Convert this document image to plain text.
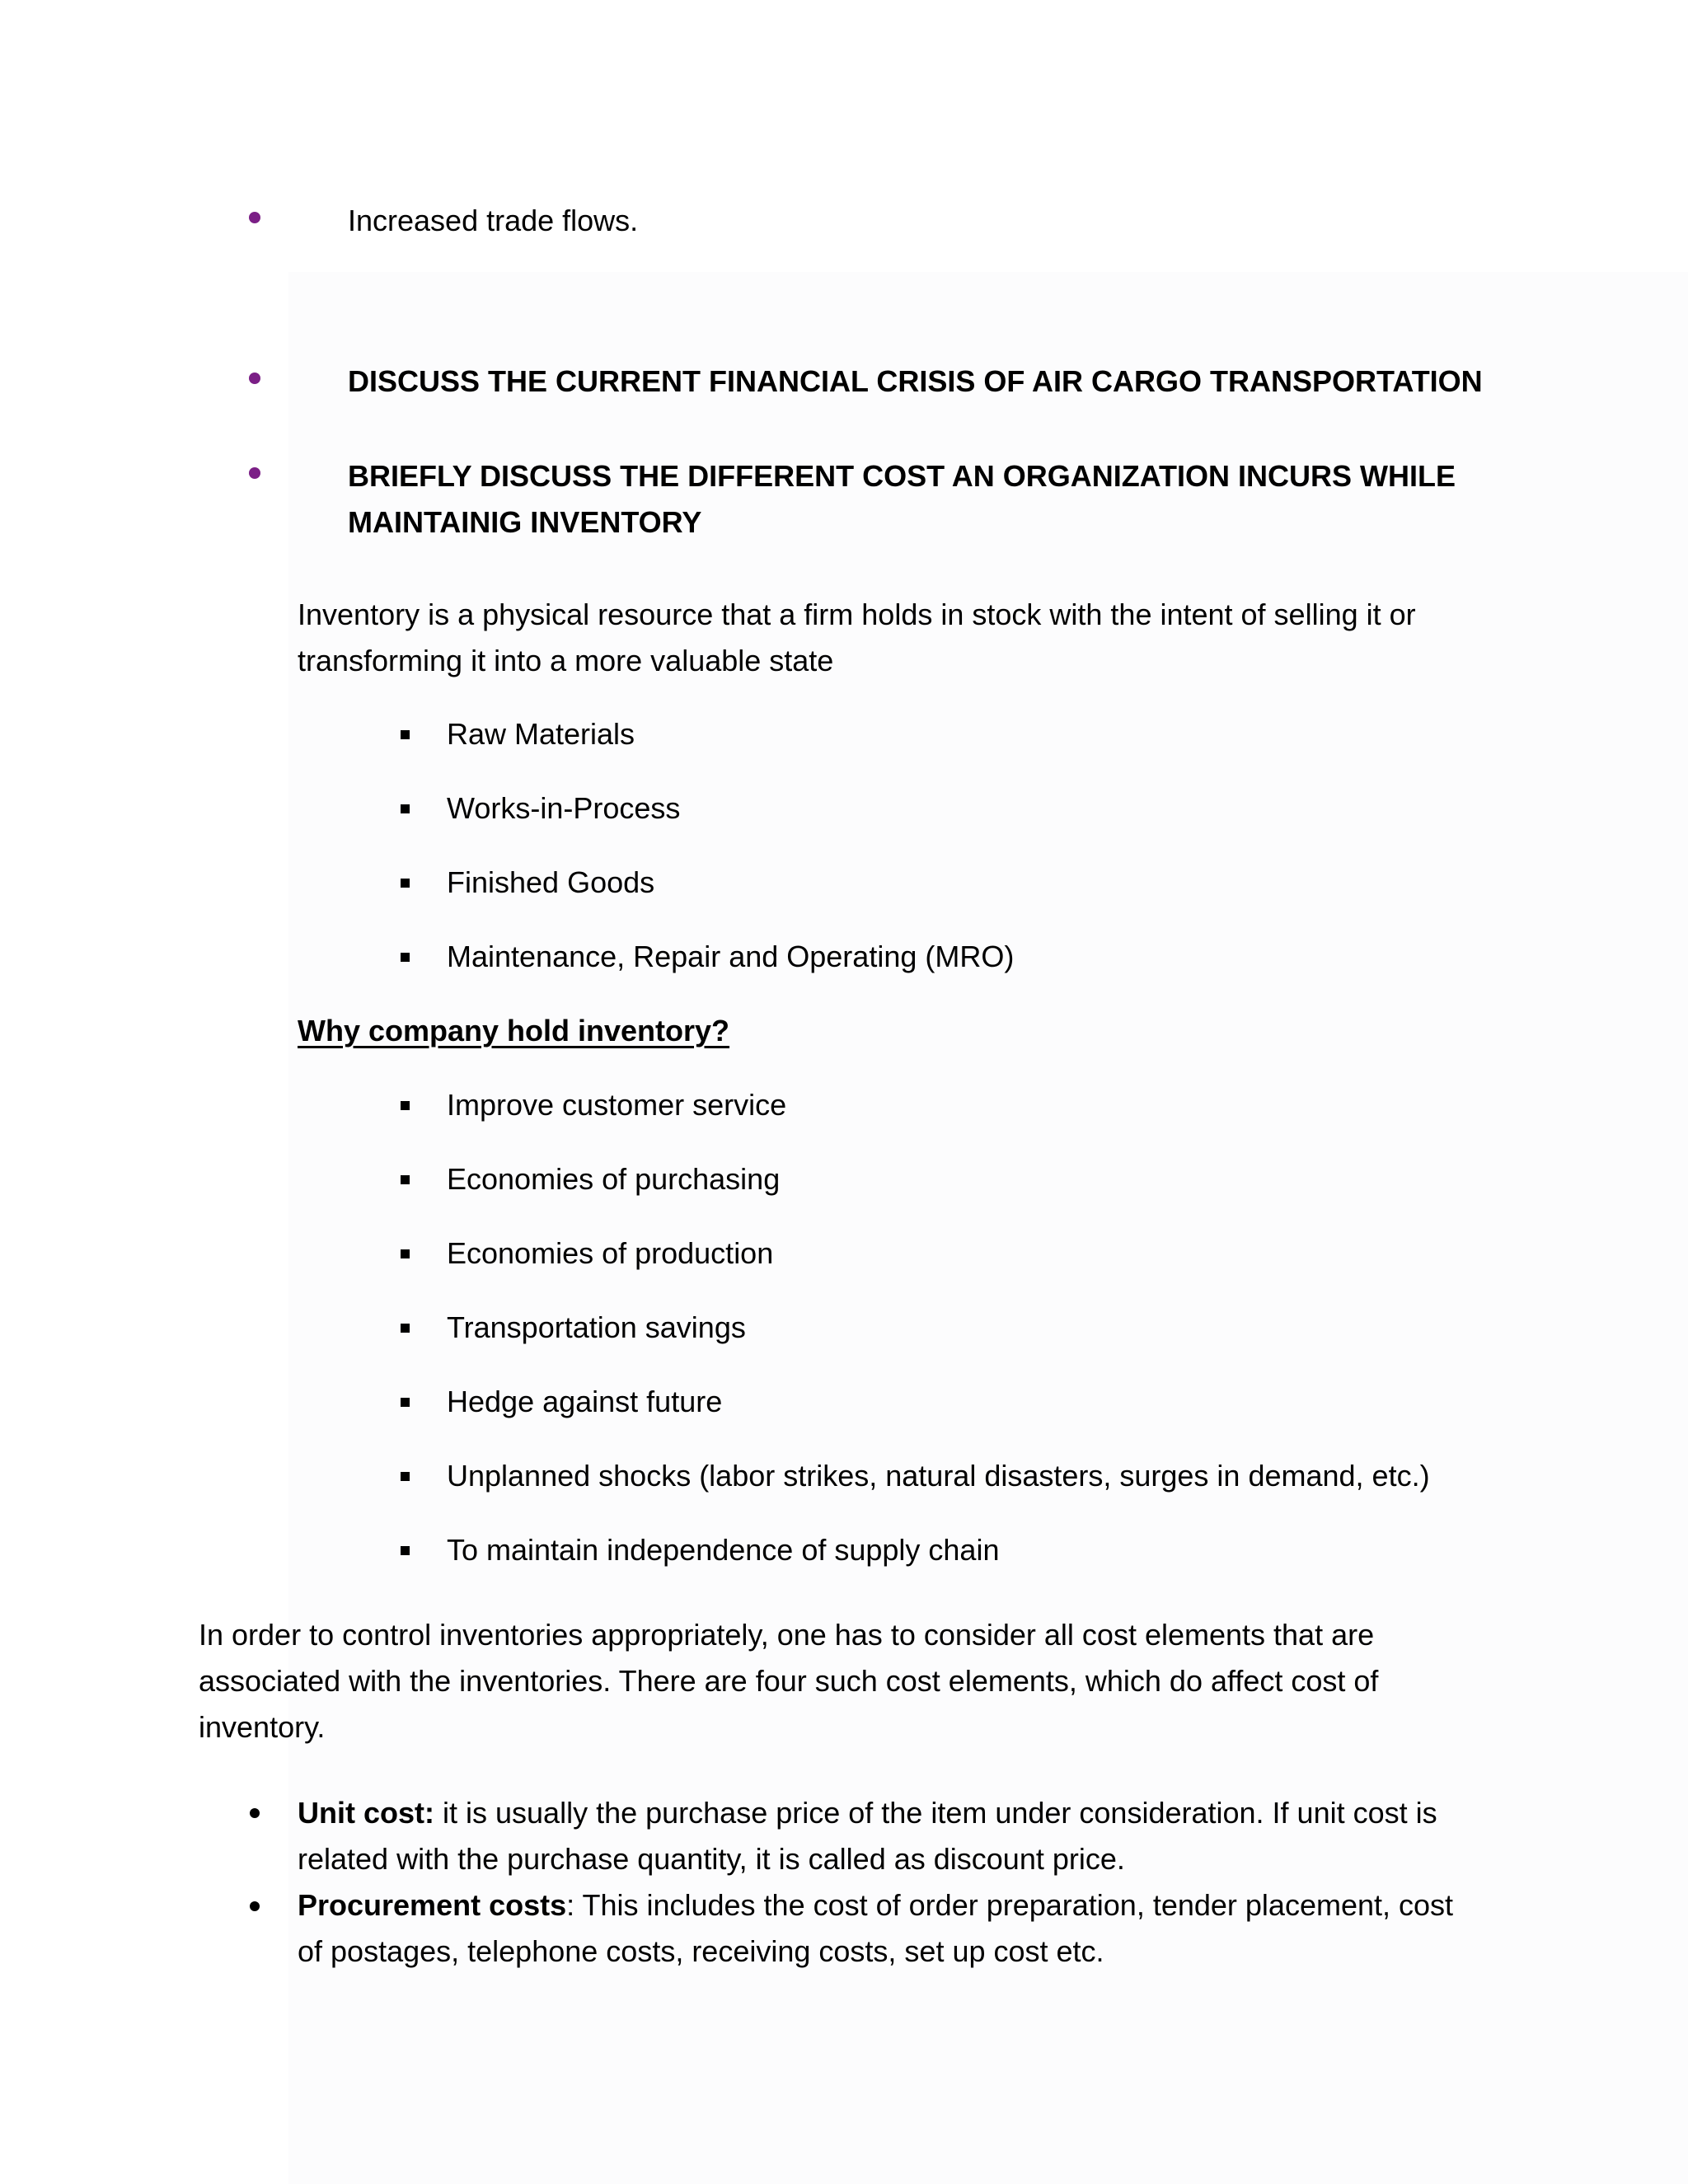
Increased trade flows.
DISCUSS THE CURRENT FINANCIAL CRISIS OF AIR CARGO TRANSPORTATION
BRIEFLY DISCUSS THE DIFFERENT COST AN ORGANIZATION INCURS WHILE
MAINTAINIG INVENTORY
Inventory is a physical resource that a firm holds in stock with the intent of selling it or
transforming it into a more valuable state
Raw Materials
Works-in-Process
Finished Goods
Maintenance, Repair and Operating (MRO)
Why company hold inventory?
Improve customer service
Economies of purchasing
Economies of production
Transportation savings
Hedge against future
Unplanned shocks (labor strikes, natural disasters, surges in demand, etc.)
To maintain independence of supply chain
In order to control inventories appropriately, one has to consider all cost elements that are
associated with the inventories. There are four such cost elements, which do affect cost of
inventory.
Unit cost: it is usually the purchase price of the item under consideration. If unit cost is
related with the purchase quantity, it is called as discount price.
Procurement costs: This includes the cost of order preparation, tender placement, cost
of postages, telephone costs, receiving costs, set up cost etc.
